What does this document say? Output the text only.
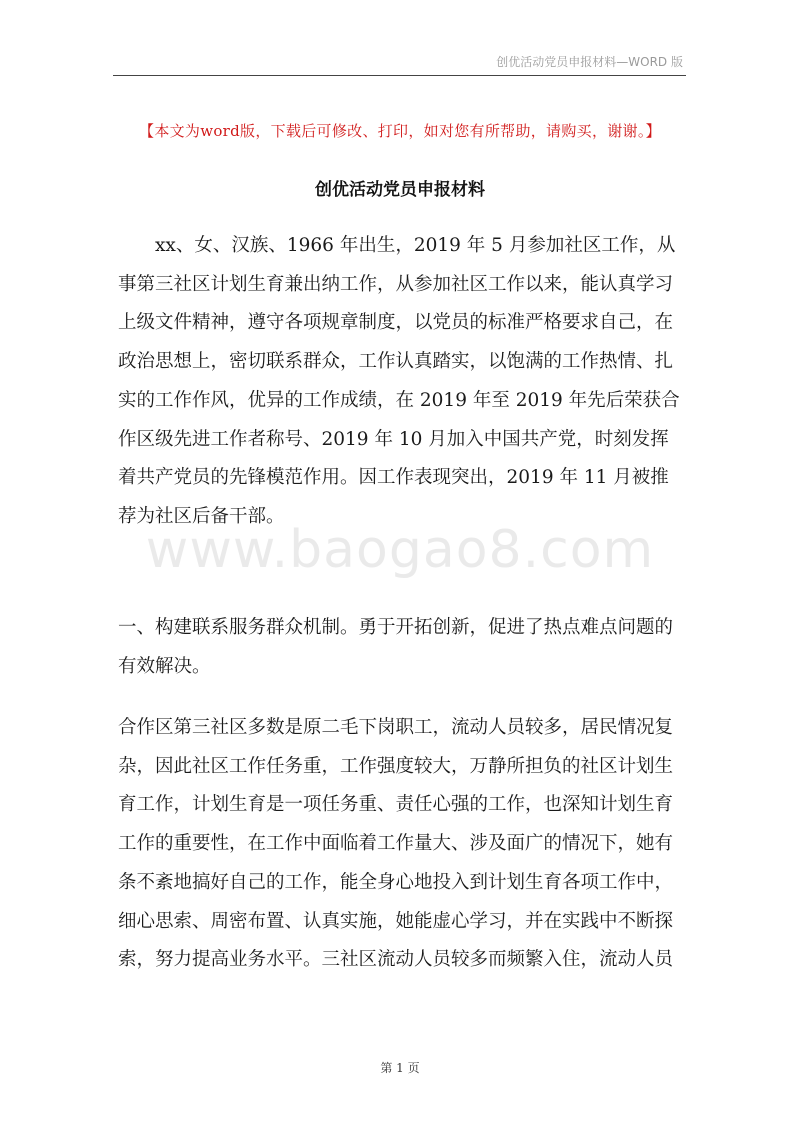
创优活动党员申报材料—WORD 版
【本文为word版，下载后可修改、打印，如对您有所帮助，请购买，谢谢。】
创优活动党员申报材料
xx、女、汉族、1966 年出生，2019 年 5 月参加社区工作，从事第三社区计划生育兼出纳工作，从参加社区工作以来，能认真学习上级文件精神，遵守各项规章制度，以党员的标准严格要求自己，在政治思想上，密切联系群众，工作认真踏实，以饱满的工作热情、扎实的工作作风，优异的工作成绩，在 2019 年至 2019 年先后荣获合作区级先进工作者称号、2019 年 10 月加入中国共产党，时刻发挥着共产党员的先锋模范作用。因工作表现突出，2019 年 11 月被推荐为社区后备干部。
一、构建联系服务群众机制。勇于开拓创新，促进了热点难点问题的有效解决。
合作区第三社区多数是原二毛下岗职工，流动人员较多，居民情况复杂，因此社区工作任务重，工作强度较大，万静所担负的社区计划生育工作，计划生育是一项任务重、责任心强的工作，也深知计划生育工作的重要性，在工作中面临着工作量大、涉及面广的情况下，她有条不紊地搞好自己的工作，能全身心地投入到计划生育各项工作中，细心思索、周密布置、认真实施，她能虚心学习，并在实践中不断探索，努力提高业务水平。三社区流动人员较多而频繁入住，流动人员
www.baogao8.com
第 1 页
